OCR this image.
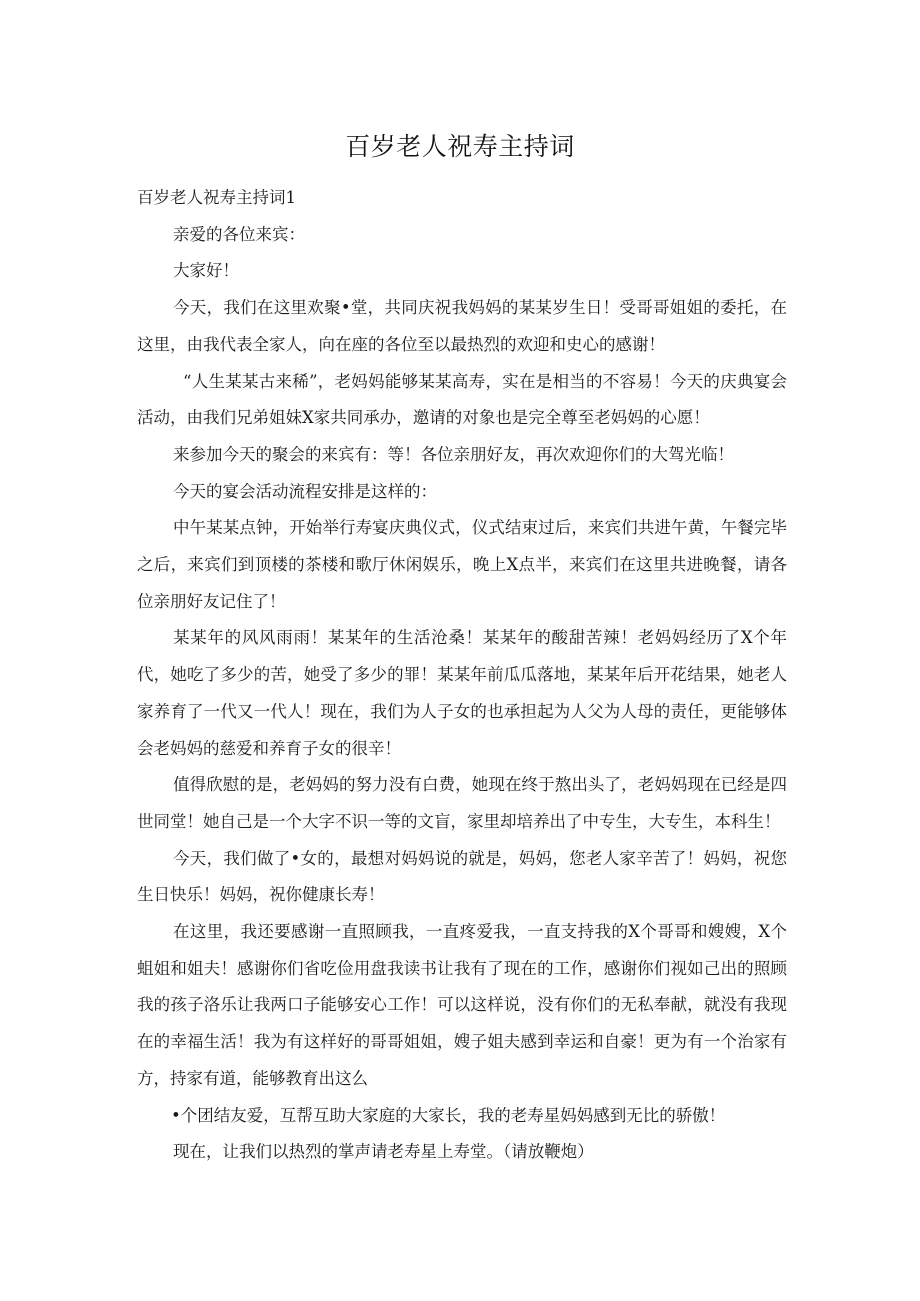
百岁老人祝寿主持词

百岁老人祝寿主持词1

亲爱的各位来宾：

大家好！

今天，我们在这里欢聚•堂，共同庆祝我妈妈的某某岁生日！受哥哥姐姐的委托，在这里，由我代表全家人，向在座的各位至以最热烈的欢迎和史心的感谢！

“人生某某古来稀”，老妈妈能够某某高寿，实在是相当的不容易！今天的庆典宴会活动，由我们兄弟姐妹X家共同承办，邀请的对象也是完全尊至老妈妈的心愿！

来参加今天的聚会的来宾有：等！各位亲朋好友，再次欢迎你们的大驾光临！

今天的宴会活动流程安排是这样的：

中午某某点钟，开始举行寿宴庆典仪式，仪式结束过后，来宾们共进午黄，午餐完毕之后，来宾们到顶楼的茶楼和歌厅休闲娱乐，晚上X点半，来宾们在这里共进晚餐，请各位亲朋好友记住了！

某某年的风风雨雨！某某年的生活沧桑！某某年的酸甜苦辣！老妈妈经历了X个年代，她吃了多少的苦，她受了多少的罪！某某年前瓜瓜落地，某某年后开花结果，她老人家养育了一代又一代人！现在，我们为人子女的也承担起为人父为人母的责任，更能够体会老妈妈的慈爱和养育子女的很辛！

值得欣慰的是，老妈妈的努力没有白费，她现在终于熬出头了，老妈妈现在已经是四世同堂！她自己是一个大字不识一等的文盲，家里却培养出了中专生，大专生，本科生！

今天，我们做了•女的，最想对妈妈说的就是，妈妈，您老人家辛苦了！妈妈，祝您生日快乐！妈妈，祝你健康长寿！

在这里，我还要感谢一直照顾我，一直疼爱我，一直支持我的X个哥哥和嫂嫂，X个蛆姐和姐夫！感谢你们省吃俭用盘我读书让我有了现在的工作，感谢你们视如己出的照顾我的孩子洛乐让我两口子能够安心工作！可以这样说，没有你们的无私奉献，就没有我现在的幸福生活！我为有这样好的哥哥姐姐，嫂子姐夫感到幸运和自豪！更为有一个治家有方，持家有道，能够教育出这么

•个团结友爱，互帮互助大家庭的大家长，我的老寿星妈妈感到无比的骄傲！

现在，让我们以热烈的掌声请老寿星上寿堂。（请放鞭炮）
